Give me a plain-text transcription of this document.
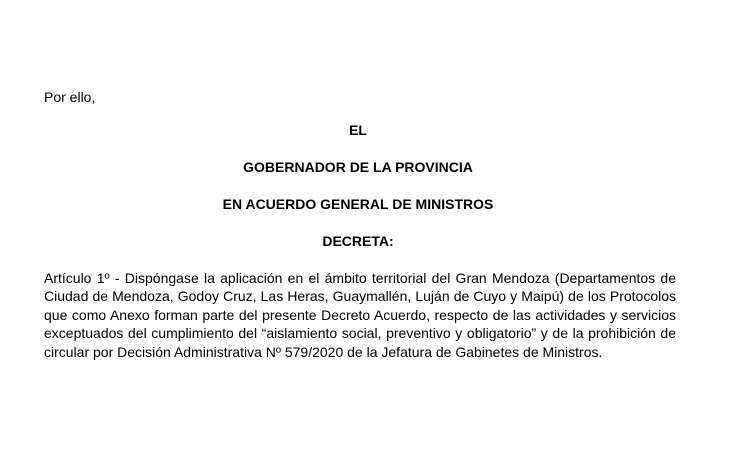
Por ello,

EL

GOBERNADOR DE LA PROVINCIA

EN ACUERDO GENERAL DE MINISTROS

DECRETA:

Artículo 1º - Dispóngase la aplicación en el ámbito territorial del Gran Mendoza (Departamentos de Ciudad de Mendoza, Godoy Cruz, Las Heras, Guaymallén, Luján de Cuyo y Maipú) de los Protocolos que como Anexo forman parte del presente Decreto Acuerdo, respecto de las actividades y servicios exceptuados del cumplimiento del “aislamiento social, preventivo y obligatorio” y de la prohibición de circular por Decisión Administrativa Nº 579/2020 de la Jefatura de Gabinetes de Ministros.
